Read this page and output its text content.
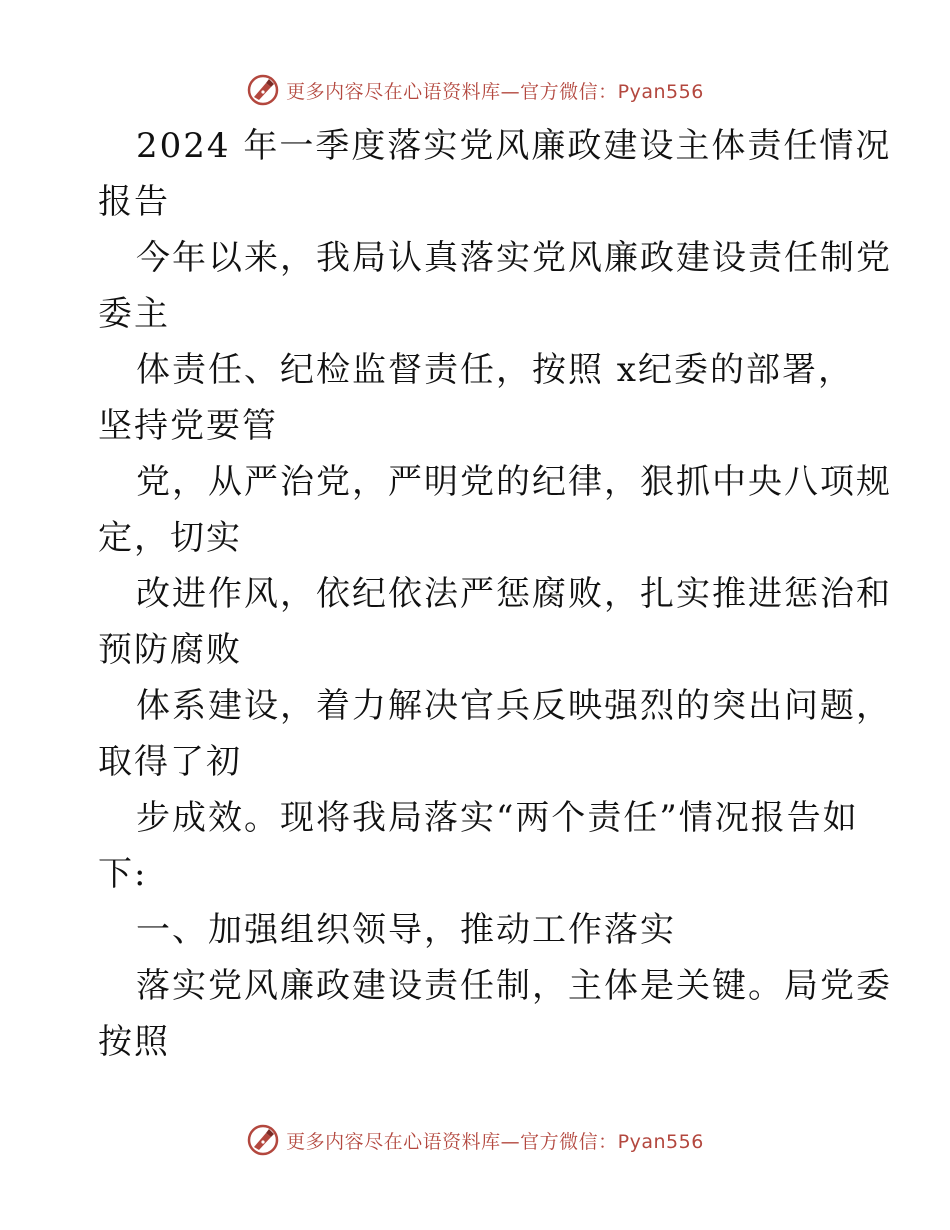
更多内容尽在心语资料库—官方微信：Pyan556
2024 年一季度落实党风廉政建设主体责任情况
报告
今年以来，我局认真落实党风廉政建设责任制党
委主
体责任、纪检监督责任，按照 x纪委的部署，
坚持党要管
党，从严治党，严明党的纪律，狠抓中央八项规
定，切实
改进作风，依纪依法严惩腐败，扎实推进惩治和
预防腐败
体系建设，着力解决官兵反映强烈的突出问题，
取得了初
步成效。现将我局落实“两个责任”情况报告如
下:
一、加强组织领导，推动工作落实
落实党风廉政建设责任制，主体是关键。局党委
按照
更多内容尽在心语资料库—官方微信：Pyan556
